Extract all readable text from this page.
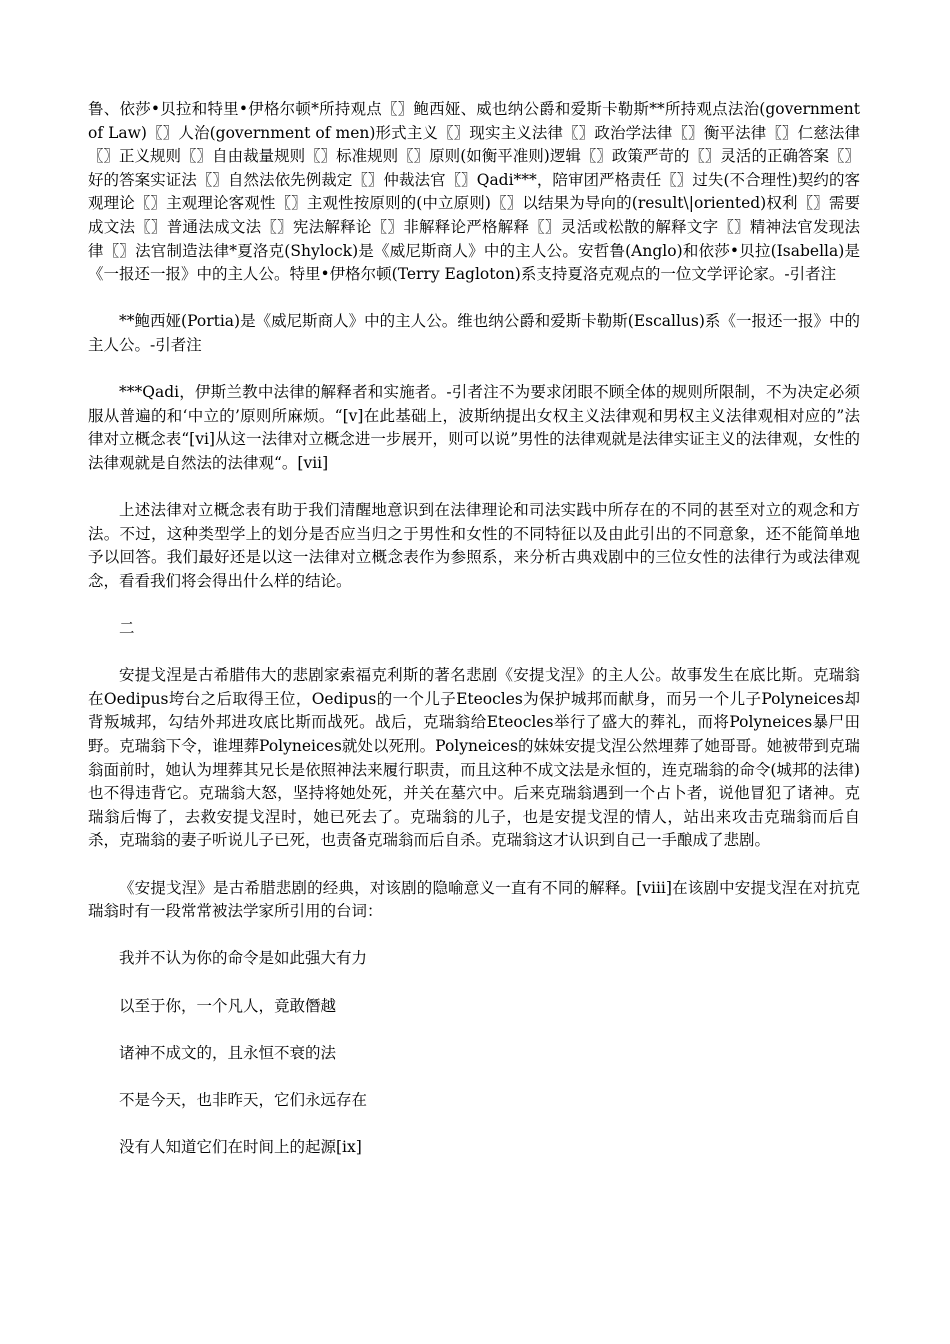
鲁、依莎•贝拉和特里•伊格尔顿*所持观点〖〗鲍西娅、威也纳公爵和爱斯卡勒斯**所持观点法治(government of Law)〖〗人治(government of men)形式主义〖〗现实主义法律〖〗政治学法律〖〗衡平法律〖〗仁慈法律〖〗正义规则〖〗自由裁量规则〖〗标准规则〖〗原则(如衡平准则)逻辑〖〗政策严苛的〖〗灵活的正确答案〖〗好的答案实证法〖〗自然法依先例裁定〖〗仲裁法官〖〗Qadi***，陪审团严格责任〖〗过失(不合理性)契约的客观理论〖〗主观理论客观性〖〗主观性按原则的(中立原则)〖〗以结果为导向的(result\|oriented)权利〖〗需要成文法〖〗普通法成文法〖〗宪法解释论〖〗非解释论严格解释〖〗灵活或松散的解释文字〖〗精神法官发现法律〖〗法官制造法律*夏洛克(Shylock)是《威尼斯商人》中的主人公。安哲鲁(Anglo)和依莎•贝拉(Isabella)是《一报还一报》中的主人公。特里•伊格尔顿(Terry Eagloton)系支持夏洛克观点的一位文学评论家。-引者注

**鲍西娅(Portia)是《威尼斯商人》中的主人公。维也纳公爵和爱斯卡勒斯(Escallus)系《一报还一报》中的主人公。-引者注

***Qadi，伊斯兰教中法律的解释者和实施者。-引者注不为要求闭眼不顾全体的规则所限制，不为决定必须服从普遍的和‘中立的’原则所麻烦。“[v]在此基础上，波斯纳提出女权主义法律观和男权主义法律观相对应的”法律对立概念表“[vi]从这一法律对立概念进一步展开，则可以说”男性的法律观就是法律实证主义的法律观，女性的法律观就是自然法的法律观“。[vii]

上述法律对立概念表有助于我们清醒地意识到在法律理论和司法实践中所存在的不同的甚至对立的观念和方法。不过，这种类型学上的划分是否应当归之于男性和女性的不同特征以及由此引出的不同意象，还不能简单地予以回答。我们最好还是以这一法律对立概念表作为参照系，来分析古典戏剧中的三位女性的法律行为或法律观念，看看我们将会得出什么样的结论。

二

安提戈涅是古希腊伟大的悲剧家索福克利斯的著名悲剧《安提戈涅》的主人公。故事发生在底比斯。克瑞翁在Oedipus垮台之后取得王位，Oedipus的一个儿子Eteocles为保护城邦而献身，而另一个儿子Polyneices却背叛城邦，勾结外邦进攻底比斯而战死。战后，克瑞翁给Eteocles举行了盛大的葬礼，而将Polyneices暴尸田野。克瑞翁下令，谁埋葬Polyneices就处以死刑。Polyneices的妹妹安提戈涅公然埋葬了她哥哥。她被带到克瑞翁面前时，她认为埋葬其兄长是依照神法来履行职责，而且这种不成文法是永恒的，连克瑞翁的命令(城邦的法律)也不得违背它。克瑞翁大怒，坚持将她处死，并关在墓穴中。后来克瑞翁遇到一个占卜者，说他冒犯了诸神。克瑞翁后悔了，去救安提戈涅时，她已死去了。克瑞翁的儿子，也是安提戈涅的情人，站出来攻击克瑞翁而后自杀，克瑞翁的妻子听说儿子已死，也责备克瑞翁而后自杀。克瑞翁这才认识到自己一手酿成了悲剧。

《安提戈涅》是古希腊悲剧的经典，对该剧的隐喻意义一直有不同的解释。[viii]在该剧中安提戈涅在对抗克瑞翁时有一段常常被法学家所引用的台词：

我并不认为你的命令是如此强大有力

以至于你，一个凡人，竟敢僭越

诸神不成文的，且永恒不衰的法

不是今天，也非昨天，它们永远存在

没有人知道它们在时间上的起源[ix]
